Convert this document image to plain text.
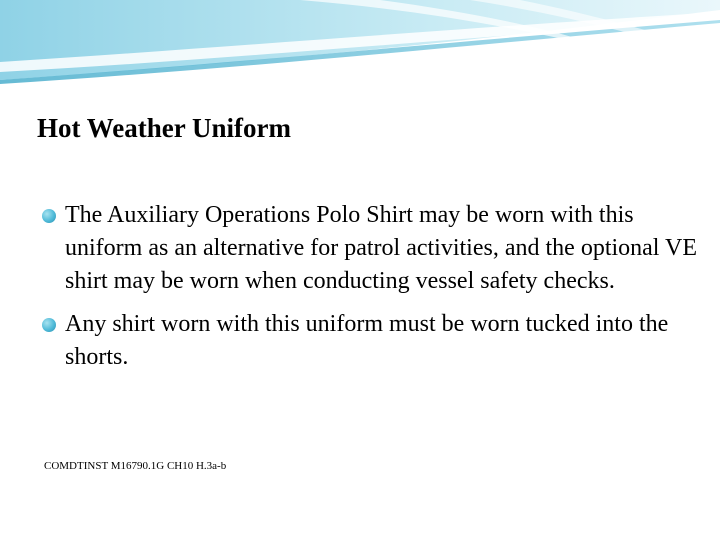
Hot Weather Uniform
The Auxiliary Operations Polo Shirt may be worn with this uniform as an alternative for patrol activities, and the optional VE shirt may be worn when conducting vessel safety checks.
Any shirt worn with this uniform must be worn tucked into the shorts.
COMDTINST M16790.1G CH10 H.3a-b
